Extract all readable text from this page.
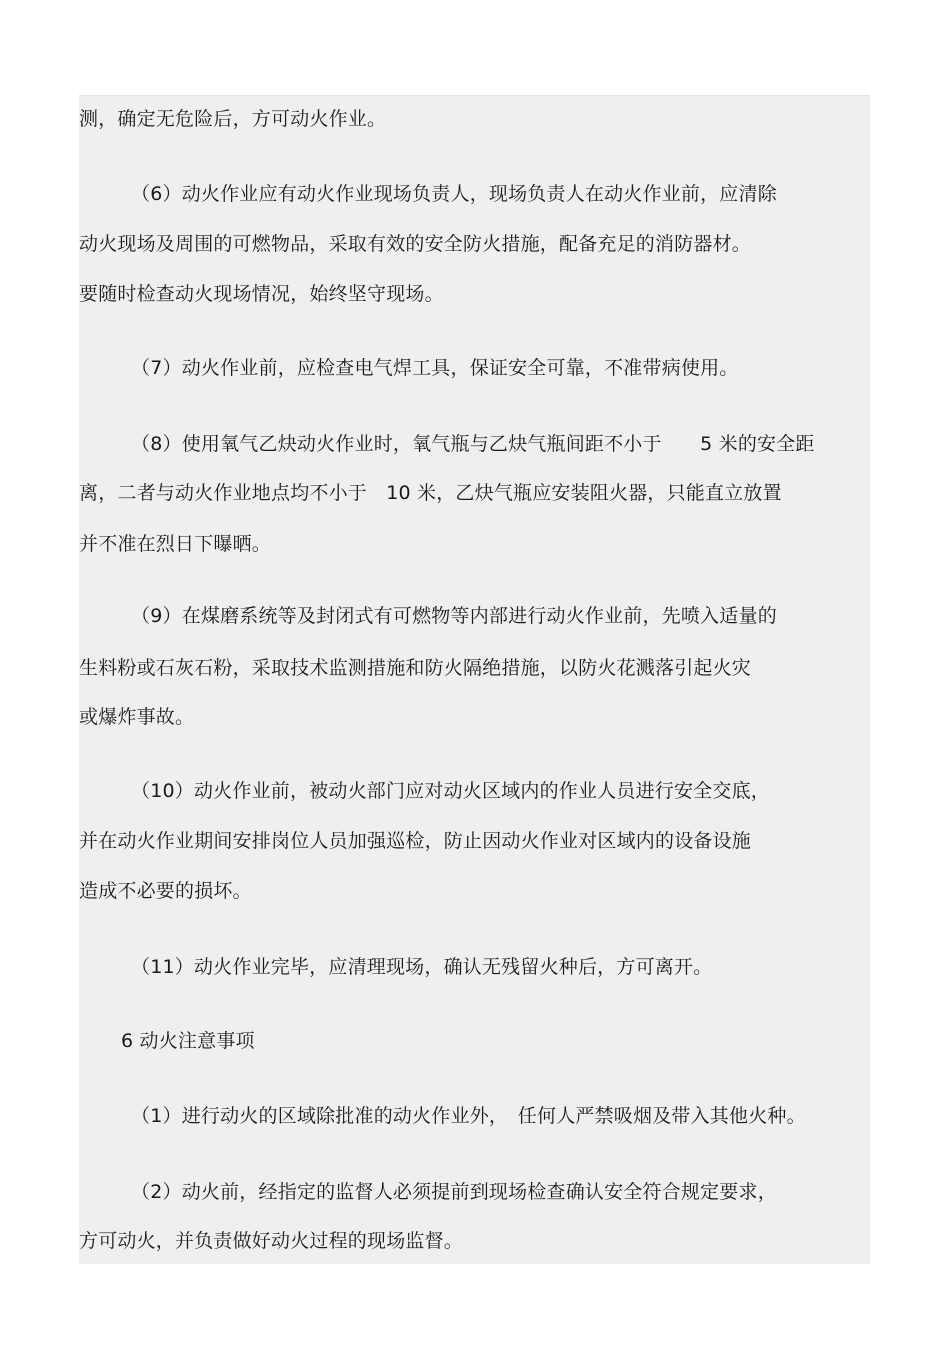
测，确定无危险后，方可动火作业。
（6）动火作业应有动火作业现场负责人，现场负责人在动火作业前，应清除
动火现场及周围的可燃物品，采取有效的安全防火措施，配备充足的消防器材。
要随时检查动火现场情况，始终坚守现场。
（7）动火作业前，应检查电气焊工具，保证安全可靠，不准带病使用。
（8）使用氧气乙炔动火作业时，氧气瓶与乙炔气瓶间距不小于　　5 米的安全距
离，二者与动火作业地点均不小于　10 米，乙炔气瓶应安装阻火器，只能直立放置
并不准在烈日下曝晒。
（9）在煤磨系统等及封闭式有可燃物等内部进行动火作业前，先喷入适量的
生料粉或石灰石粉，采取技术监测措施和防火隔绝措施，以防火花溅落引起火灾
或爆炸事故。
（10）动火作业前，被动火部门应对动火区域内的作业人员进行安全交底，
并在动火作业期间安排岗位人员加强巡检，防止因动火作业对区域内的设备设施
造成不必要的损坏。
（11）动火作业完毕，应清理现场，确认无残留火种后，方可离开。
6 动火注意事项
（1）进行动火的区域除批准的动火作业外，　任何人严禁吸烟及带入其他火种。
（2）动火前，经指定的监督人必须提前到现场检查确认安全符合规定要求，
方可动火，并负责做好动火过程的现场监督。
